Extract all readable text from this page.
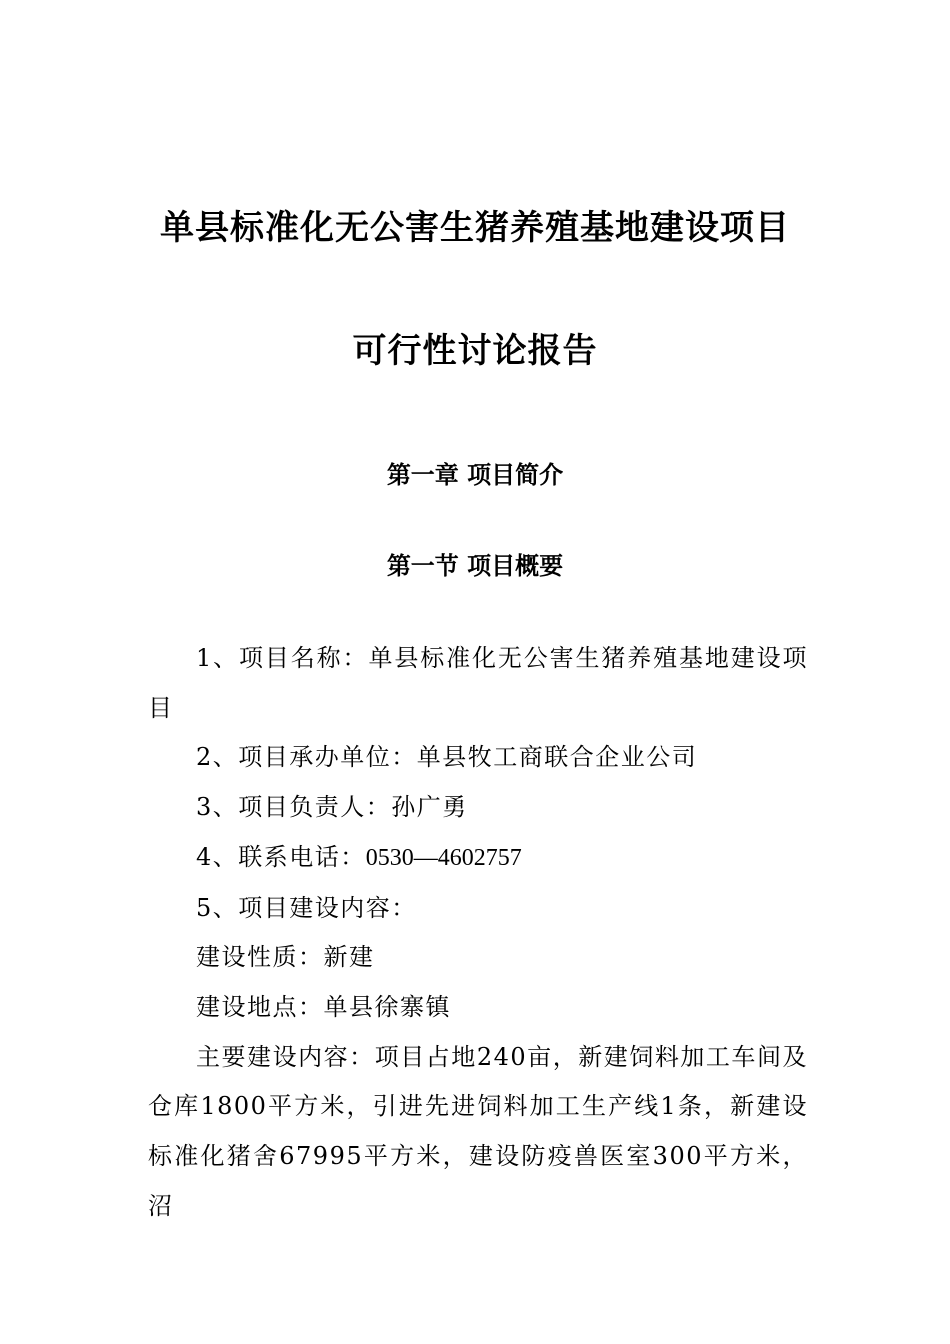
单县标准化无公害生猪养殖基地建设项目
可行性讨论报告
第一章 项目简介
第一节 项目概要

1、项目名称：单县标准化无公害生猪养殖基地建设项目

2、项目承办单位：单县牧工商联合企业公司

3、项目负责人：孙广勇

4、联系电话：0530—4602757

5、项目建设内容：

建设性质：新建

建设地点：单县徐寨镇

主要建设内容：项目占地240亩，新建饲料加工车间及仓库1800平方米，引进先进饲料加工生产线1条，新建设标准化猪舍67995平方米，建设防疫兽医室300平方米，沼
